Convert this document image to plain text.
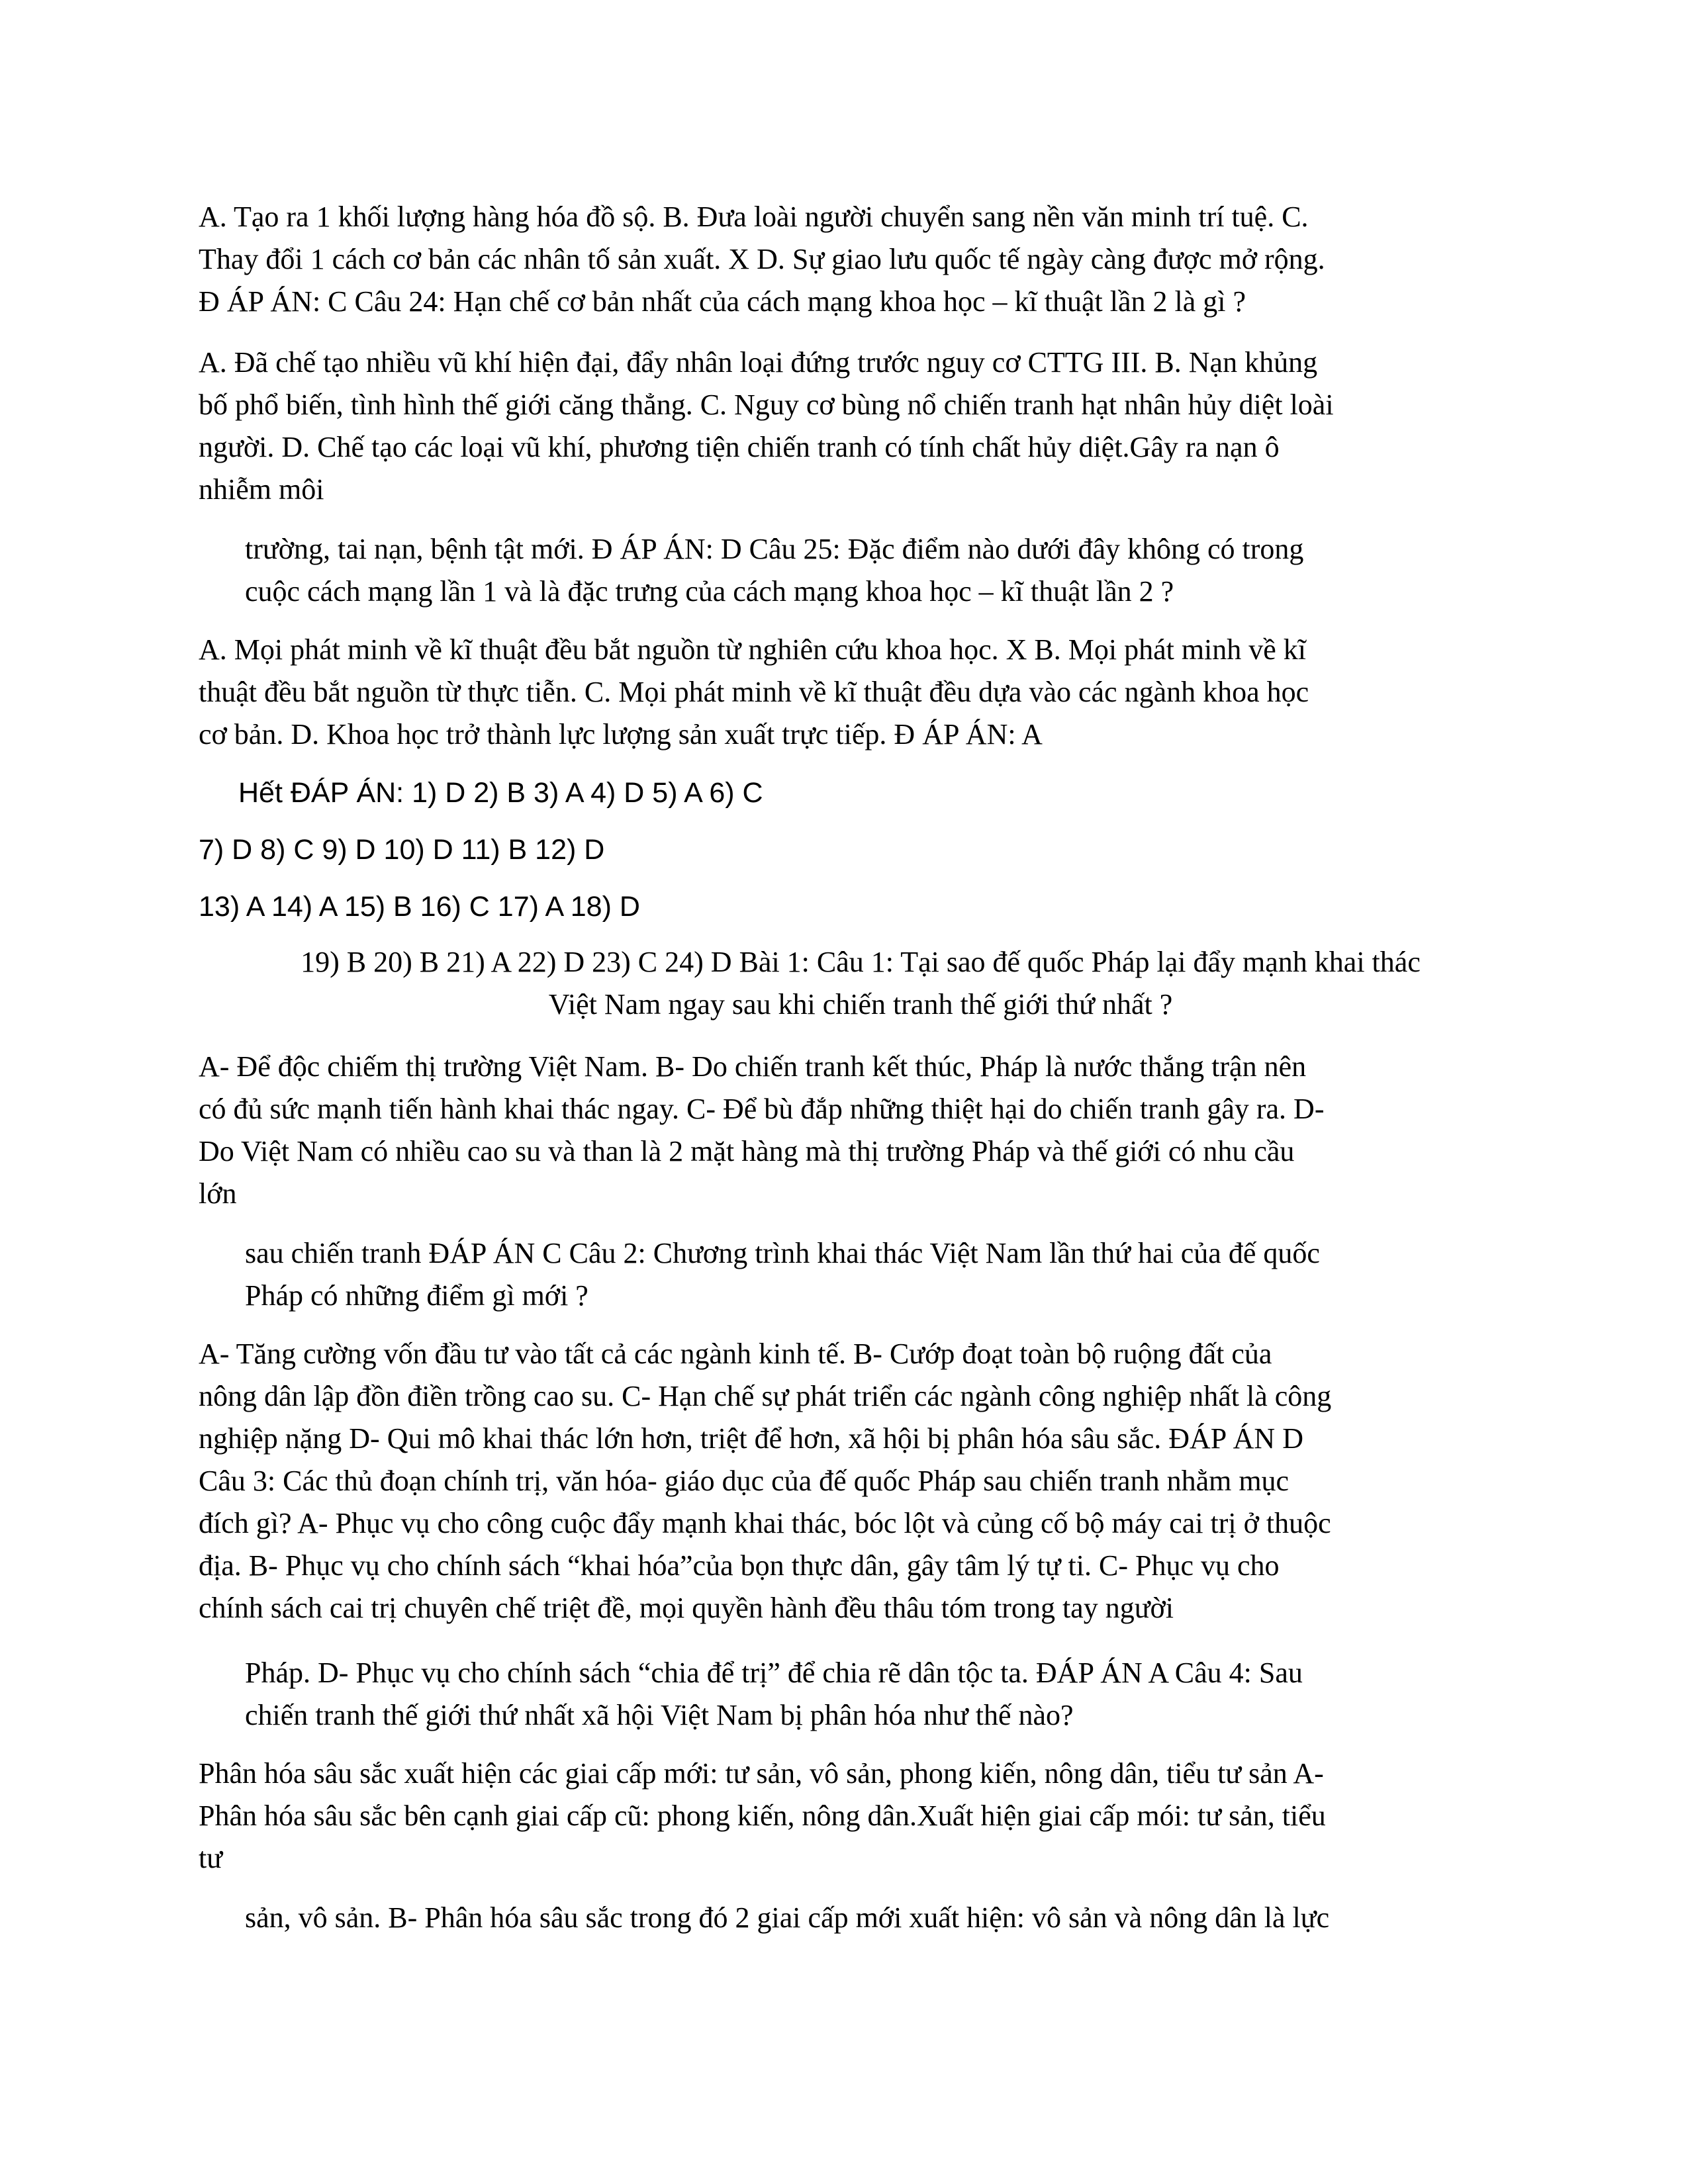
A. Tạo ra 1 khối lượng hàng hóa đồ sộ. B. Đưa loài người chuyển sang nền văn minh trí tuệ. C.
Thay đổi 1 cách cơ bản các nhân tố sản xuất. X D. Sự giao lưu quốc tế ngày càng được mở rộng.
Đ ÁP ÁN: C Câu 24: Hạn chế cơ bản nhất của cách mạng khoa học – kĩ thuật lần 2 là gì ?

A. Đã chế tạo nhiều vũ khí hiện đại, đẩy nhân loại đứng trước nguy cơ CTTG III. B. Nạn khủng
bố phổ biến, tình hình thế giới căng thẳng. C. Nguy cơ bùng nổ chiến tranh hạt nhân hủy diệt loài
người. D. Chế tạo các loại vũ khí, phương tiện chiến tranh có tính chất hủy diệt.Gây ra nạn ô
nhiễm môi

trường, tai nạn, bệnh tật mới. Đ ÁP ÁN: D Câu 25: Đặc điểm nào dưới đây không có trong
cuộc cách mạng lần 1 và là đặc trưng của cách mạng khoa học – kĩ thuật lần 2 ?

A. Mọi phát minh về kĩ thuật đều bắt nguồn từ nghiên cứu khoa học. X B. Mọi phát minh về kĩ
thuật đều bắt nguồn từ thực tiễn. C. Mọi phát minh về kĩ thuật đều dựa vào các ngành khoa học
cơ bản. D. Khoa học trở thành lực lượng sản xuất trực tiếp. Đ ÁP ÁN: A

Hết ĐÁP ÁN: 1) D 2) B 3) A 4) D 5) A 6) C

7) D 8) C 9) D 10) D 11) B 12) D

13) A 14) A 15) B 16) C 17) A 18) D

19) B 20) B 21) A 22) D 23) C 24) D Bài 1: Câu 1: Tại sao đế quốc Pháp lại đẩy mạnh khai thác
Việt Nam ngay sau khi chiến tranh thế giới thứ nhất ?

A- Để độc chiếm thị trường Việt Nam. B- Do chiến tranh kết thúc, Pháp là nước thắng trận nên
có đủ sức mạnh tiến hành khai thác ngay. C- Để bù đắp những thiệt hại do chiến tranh gây ra. D-
Do Việt Nam có nhiều cao su và than là 2 mặt hàng mà thị trường Pháp và thế giới có nhu cầu
lớn

sau chiến tranh ĐÁP ÁN C Câu 2: Chương trình khai thác Việt Nam lần thứ hai của đế quốc
Pháp có những điểm gì mới ?

A- Tăng cường vốn đầu tư vào tất cả các ngành kinh tế. B- Cướp đoạt toàn bộ ruộng đất của
nông dân lập đồn điền trồng cao su. C- Hạn chế sự phát triển các ngành công nghiệp nhất là công
nghiệp nặng D- Qui mô khai thác lớn hơn, triệt để hơn, xã hội bị phân hóa sâu sắc. ĐÁP ÁN D
Câu 3: Các thủ đoạn chính trị, văn hóa- giáo dục của đế quốc Pháp sau chiến tranh nhằm mục
đích gì? A- Phục vụ cho công cuộc đẩy mạnh khai thác, bóc lột và củng cố bộ máy cai trị ở thuộc
địa. B- Phục vụ cho chính sách “khai hóa”của bọn thực dân, gây tâm lý tự ti. C- Phục vụ cho
chính sách cai trị chuyên chế triệt đề, mọi quyền hành đều thâu tóm trong tay người

Pháp. D- Phục vụ cho chính sách “chia để trị” để chia rẽ dân tộc ta. ĐÁP ÁN A Câu 4: Sau
chiến tranh thế giới thứ nhất xã hội Việt Nam bị phân hóa như thế nào?

Phân hóa sâu sắc xuất hiện các giai cấp mới: tư sản, vô sản, phong kiến, nông dân, tiểu tư sản A-
Phân hóa sâu sắc bên cạnh giai cấp cũ: phong kiến, nông dân.Xuất hiện giai cấp mói: tư sản, tiểu
tư

sản, vô sản. B- Phân hóa sâu sắc trong đó 2 giai cấp mới xuất hiện: vô sản và nông dân là lực
